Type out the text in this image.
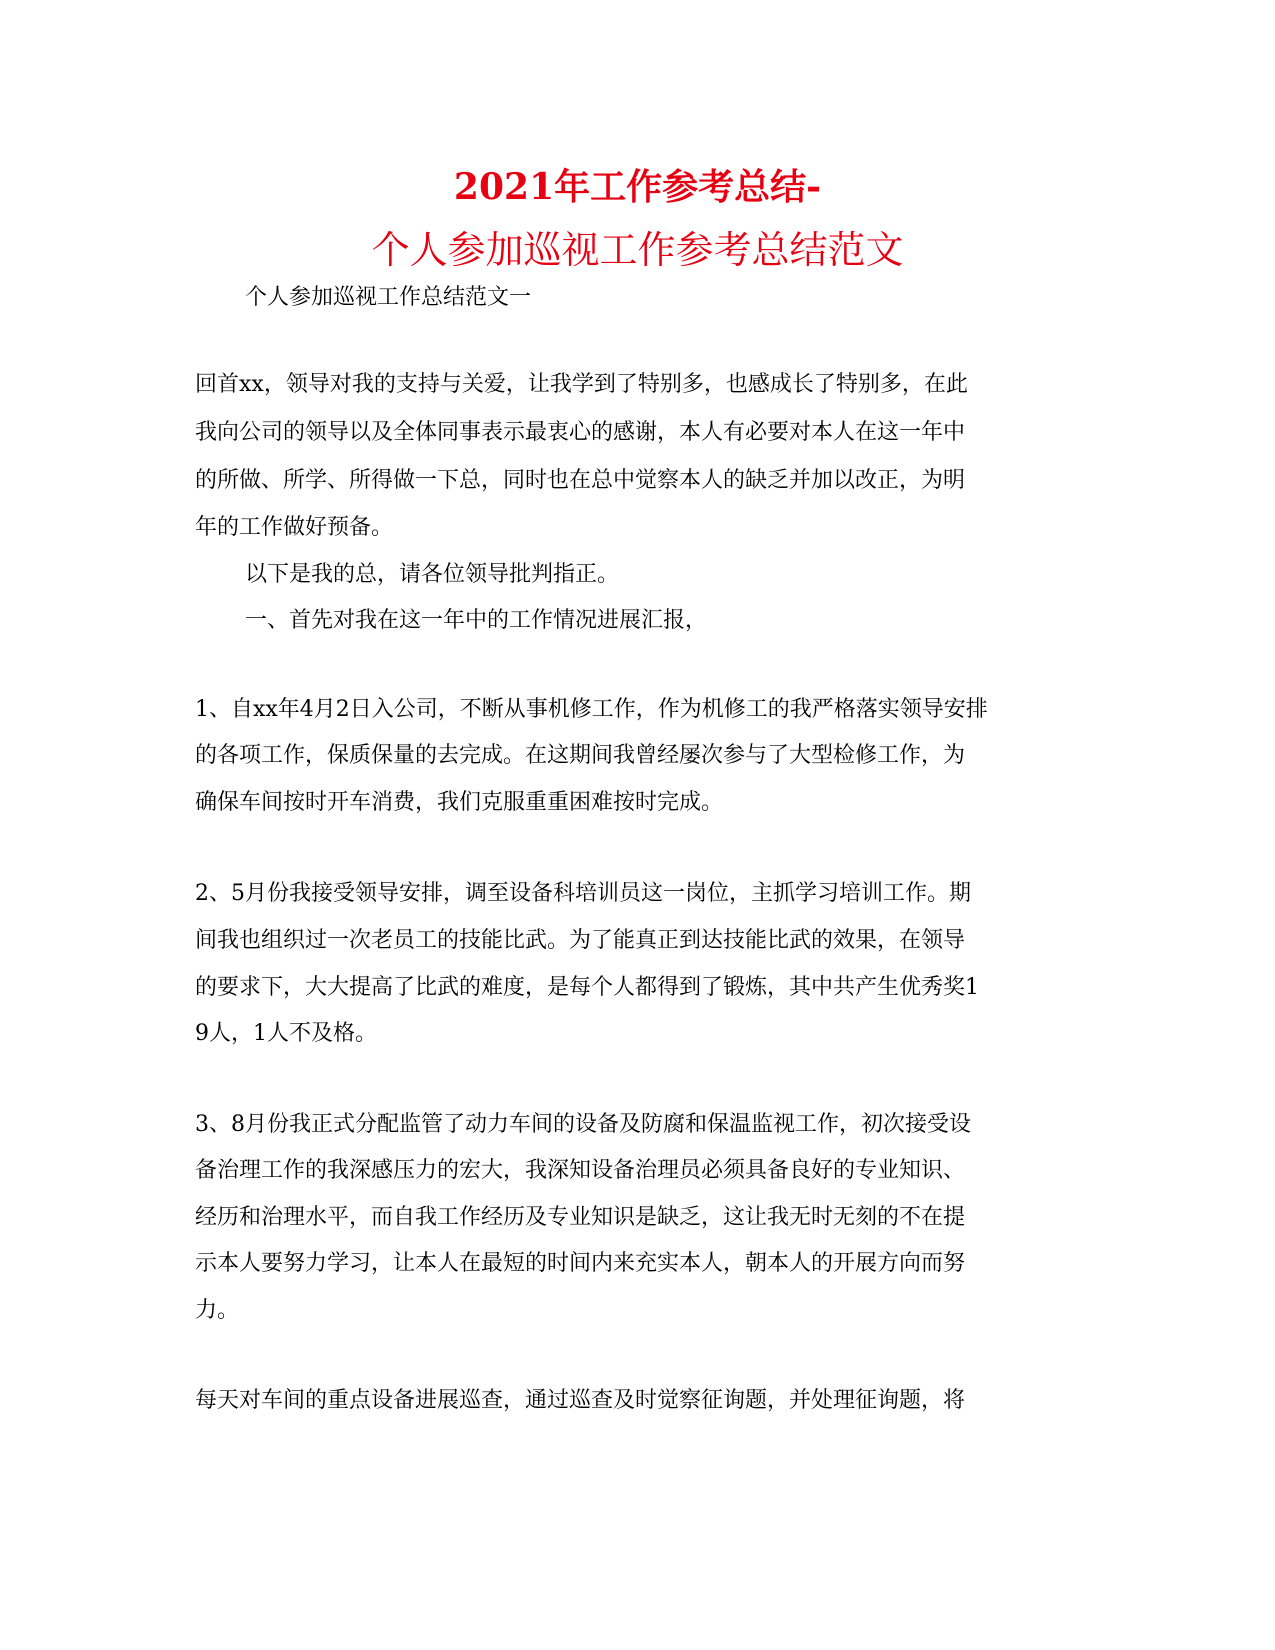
2021年工作参考总结-
个人参加巡视工作参考总结范文
个人参加巡视工作总结范文一
回首xx，领导对我的支持与关爱，让我学到了特别多，也感成长了特别多，在此
我向公司的领导以及全体同事表示最衷心的感谢，本人有必要对本人在这一年中
的所做、所学、所得做一下总，同时也在总中觉察本人的缺乏并加以改正，为明
年的工作做好预备。
以下是我的总，请各位领导批判指正。
一、首先对我在这一年中的工作情况进展汇报，
1、自xx年4月2日入公司，不断从事机修工作，作为机修工的我严格落实领导安排
的各项工作，保质保量的去完成。在这期间我曾经屡次参与了大型检修工作，为
确保车间按时开车消费，我们克服重重困难按时完成。
2、5月份我接受领导安排，调至设备科培训员这一岗位，主抓学习培训工作。期
间我也组织过一次老员工的技能比武。为了能真正到达技能比武的效果，在领导
的要求下，大大提高了比武的难度，是每个人都得到了锻炼，其中共产生优秀奖1
9人，1人不及格。
3、8月份我正式分配监管了动力车间的设备及防腐和保温监视工作，初次接受设
备治理工作的我深感压力的宏大，我深知设备治理员必须具备良好的专业知识、
经历和治理水平，而自我工作经历及专业知识是缺乏，这让我无时无刻的不在提
示本人要努力学习，让本人在最短的时间内来充实本人，朝本人的开展方向而努
力。
每天对车间的重点设备进展巡查，通过巡查及时觉察征询题，并处理征询题，将
